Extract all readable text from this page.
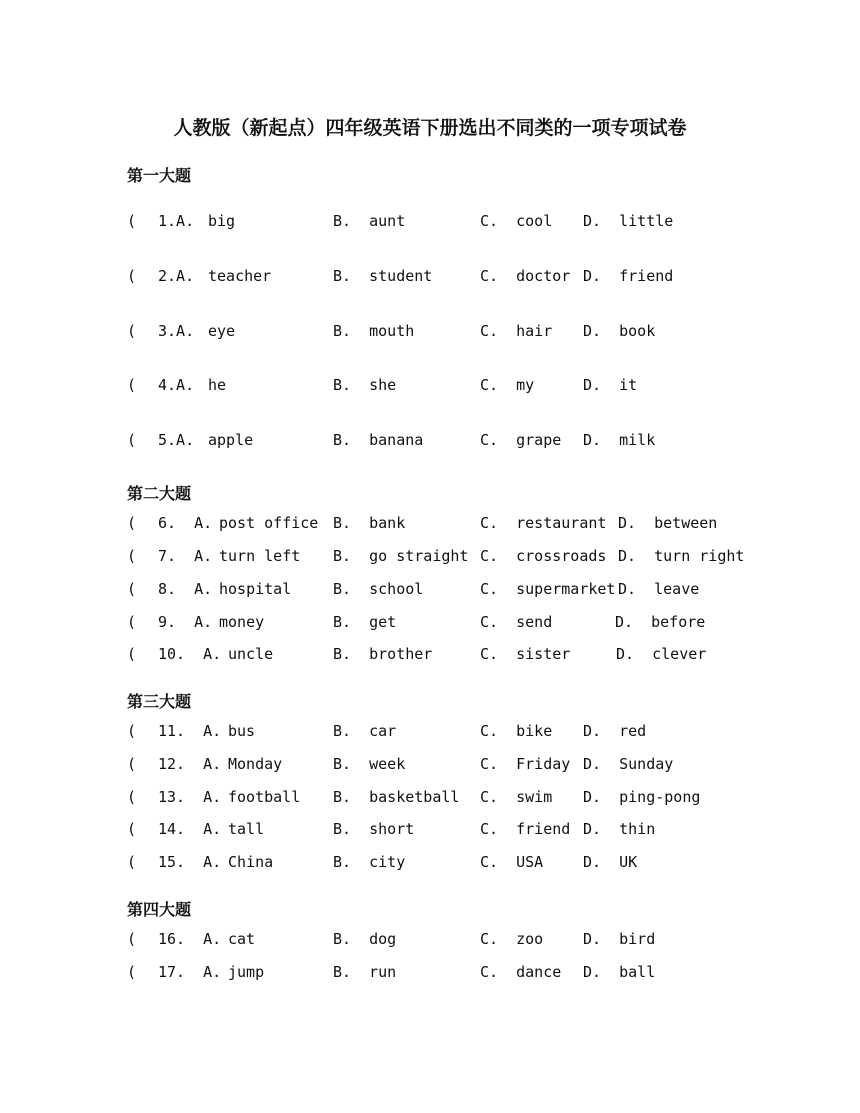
人教版（新起点）四年级英语下册选出不同类的一项专项试卷
第一大题
第二大题
第三大题
第四大题
( 1.A. big	B.  aunt	C.  cool D.  little
( 2.A. teacher	B.  student	C.  doctor D.  friend
( 3.A. eye	B.  mouth	C.  hair D.  book
( 4.A. he	B.  she	C.  my	D.  it
( 5.A. apple	B.  banana	C.  grape D.  milk
( 6.  A. post office B.  bank	C.  restaurant D.  between
( 7.  A. turn left B.  go straight C.  crossroads D.  turn right
( 8.  A. hospital	B.  school	C.  supermarket D.  leave
( 9.  A. money	B.  get	C.  send	D.  before
( 10.  A. uncle	B.  brother	C.  sister	D.  clever
( 11.  A. bus	B.  car	C.  bike D.  red
( 12.  A. Monday	B.  week	C.  Friday D.  Sunday
( 13.  A. football B.  basketball C.  swim D.  ping-pong
( 14.  A. tall	B.  short	C.  friend D.  thin
( 15.  A. China	B.  city	C.  USA	D.  UK
( 16.  A. cat	B.  dog	C.  zoo	D.  bird
( 17.  A. jump	B.  run	C.  dance D.  ball
